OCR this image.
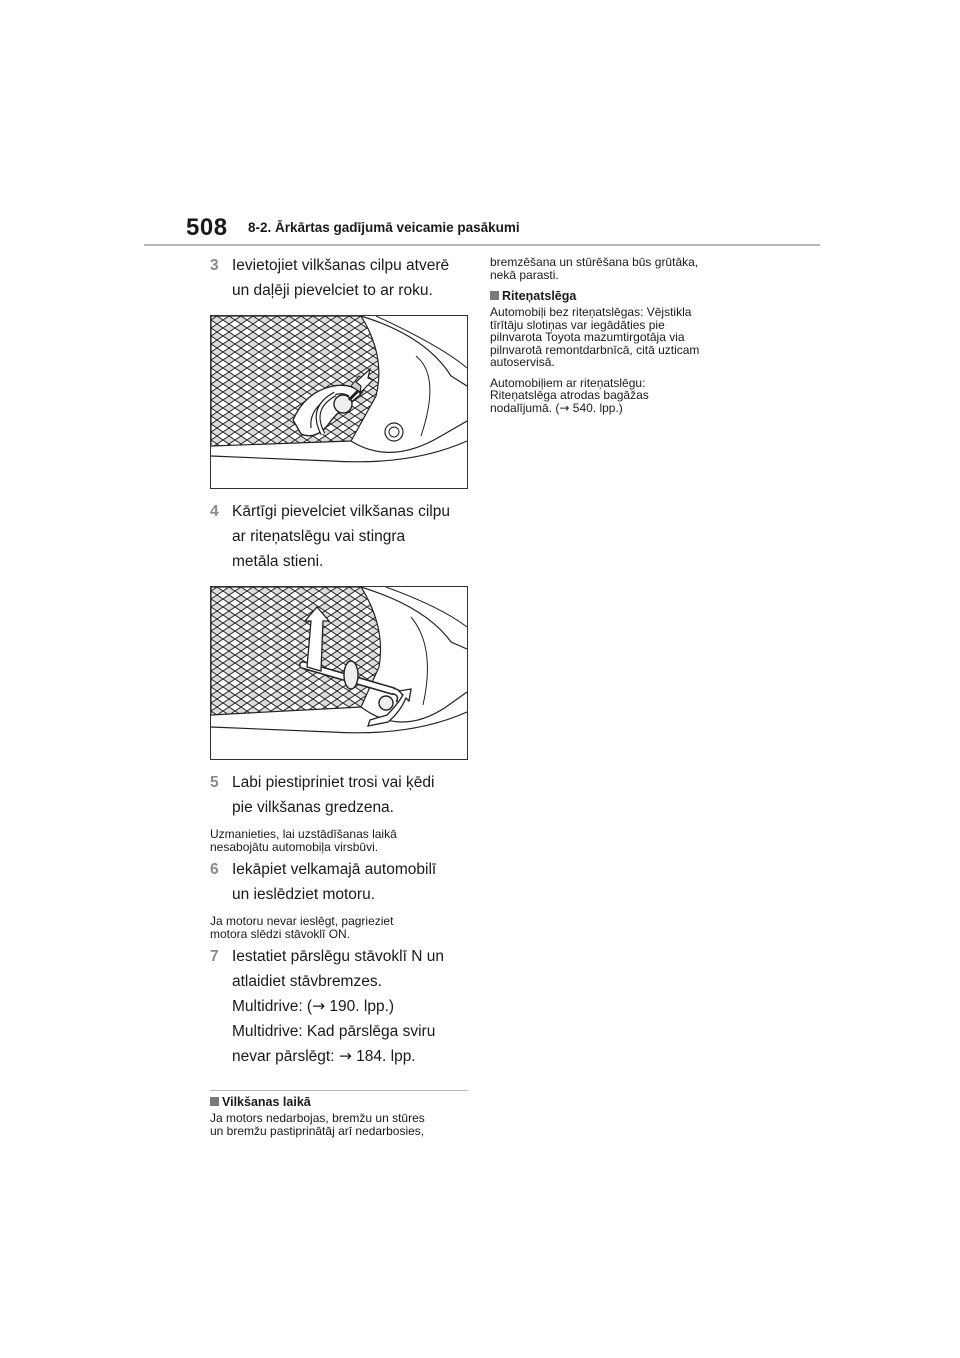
508 8-2. Ārkārtas gadījumā veicamie pasākumi
3 Ievietojiet vilkšanas cilpu atverē
un daļēji pievelciet to ar roku.
4 Kārtīgi pievelciet vilkšanas cilpu
ar riteņatslēgu vai stingra
metāla stieni.
5 Labi piestipriniet trosi vai ķēdi
pie vilkšanas gredzena.
Uzmanieties, lai uzstādīšanas laikā
nesabojātu automobiļa virsbūvi.
6 Iekāpiet velkamajā automobilī
un ieslēdziet motoru.
Ja motoru nevar ieslēgt, pagrieziet
motora slēdzi stāvoklī ON.
7 Iestatiet pārslēgu stāvoklī N un
atlaidiet stāvbremzes.
Multidrive: (→ 190. lpp.)
Multidrive: Kad pārslēga sviru
nevar pārslēgt: → 184. lpp.
Vilkšanas laikā
Ja motors nedarbojas, bremžu un stūres
un bremžu pastiprinātāj arī nedarbosies,
bremzēšana un stūrēšana būs grūtāka,
nekā parasti.
Riteņatslēga
Automobiļi bez riteņatslēgas: Vējstikla
tīrītāju slotiņas var iegādāties pie
pilnvarota Toyota mazumtirgotāja via
pilnvarotā remontdarbnīcā, citā uzticam
autoservisā.
Automobiļiem ar riteņatslēgu:
Riteņatslēga atrodas bagāžas
nodalījumā. (→ 540. lpp.)
